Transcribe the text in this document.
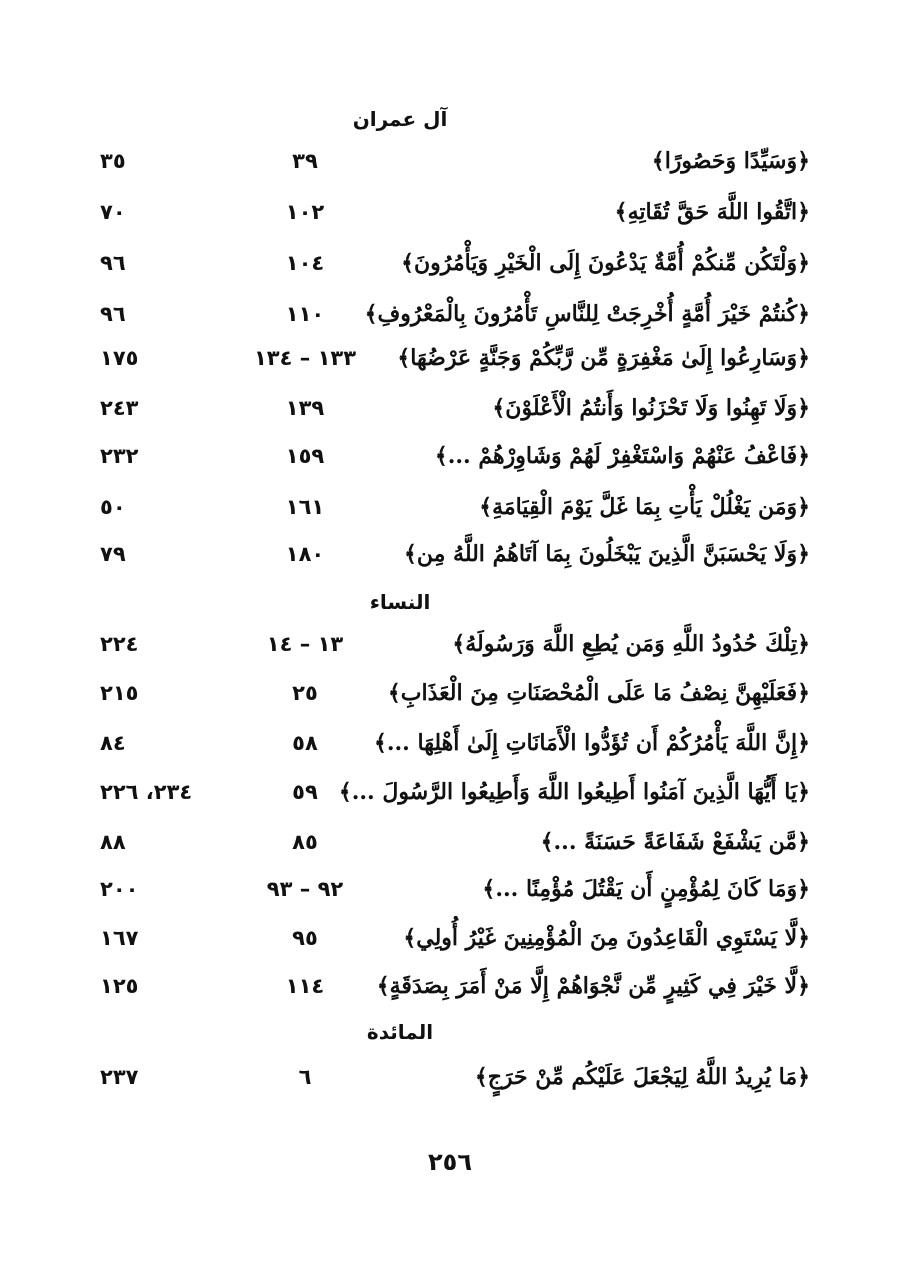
آل عمران
﴿وَسَيِّدًا وَحَصُورًا﴾
٣٩
٣٥
﴿اتَّقُوا اللَّهَ حَقَّ تُقَاتِهِ﴾
١٠٢
٧٠
﴿وَلْتَكُن مِّنكُمْ أُمَّةٌ يَدْعُونَ إِلَى الْخَيْرِ وَيَأْمُرُونَ﴾
١٠٤
٩٦
﴿كُنتُمْ خَيْرَ أُمَّةٍ أُخْرِجَتْ لِلنَّاسِ تَأْمُرُونَ بِالْمَعْرُوفِ﴾
١١٠
٩٦
﴿وَسَارِعُوا إِلَىٰ مَغْفِرَةٍ مِّن رَّبِّكُمْ وَجَنَّةٍ عَرْضُهَا﴾
١٣٣ – ١٣٤
١٧٥
﴿وَلَا تَهِنُوا وَلَا تَحْزَنُوا وَأَنتُمُ الْأَعْلَوْنَ﴾
١٣٩
٢٤٣
﴿فَاعْفُ عَنْهُمْ وَاسْتَغْفِرْ لَهُمْ وَشَاوِرْهُمْ ...﴾
١٥٩
٢٣٢
﴿وَمَن يَغْلُلْ يَأْتِ بِمَا غَلَّ يَوْمَ الْقِيَامَةِ﴾
١٦١
٥٠
﴿وَلَا يَحْسَبَنَّ الَّذِينَ يَبْخَلُونَ بِمَا آتَاهُمُ اللَّهُ مِن﴾
١٨٠
٧٩
النساء
﴿تِلْكَ حُدُودُ اللَّهِ وَمَن يُطِعِ اللَّهَ وَرَسُولَهُ﴾
١٣ – ١٤
٢٢٤
﴿فَعَلَيْهِنَّ نِصْفُ مَا عَلَى الْمُحْصَنَاتِ مِنَ الْعَذَابِ﴾
٢٥
٢١٥
﴿إِنَّ اللَّهَ يَأْمُرُكُمْ أَن تُؤَدُّوا الْأَمَانَاتِ إِلَىٰ أَهْلِهَا ...﴾
٥٨
٨٤
﴿يَا أَيُّهَا الَّذِينَ آمَنُوا أَطِيعُوا اللَّهَ وَأَطِيعُوا الرَّسُولَ ...﴾
٥٩
٢٣٤، ٢٢٦
﴿مَّن يَشْفَعْ شَفَاعَةً حَسَنَةً ...﴾
٨٥
٨٨
﴿وَمَا كَانَ لِمُؤْمِنٍ أَن يَقْتُلَ مُؤْمِنًا ...﴾
٩٢ – ٩٣
٢٠٠
﴿لَّا يَسْتَوِي الْقَاعِدُونَ مِنَ الْمُؤْمِنِينَ غَيْرُ أُولِي﴾
٩٥
١٦٧
﴿لَّا خَيْرَ فِي كَثِيرٍ مِّن نَّجْوَاهُمْ إِلَّا مَنْ أَمَرَ بِصَدَقَةٍ﴾
١١٤
١٢٥
المائدة
﴿مَا يُرِيدُ اللَّهُ لِيَجْعَلَ عَلَيْكُم مِّنْ حَرَجٍ﴾
٦
٢٣٧
٢٥٦
